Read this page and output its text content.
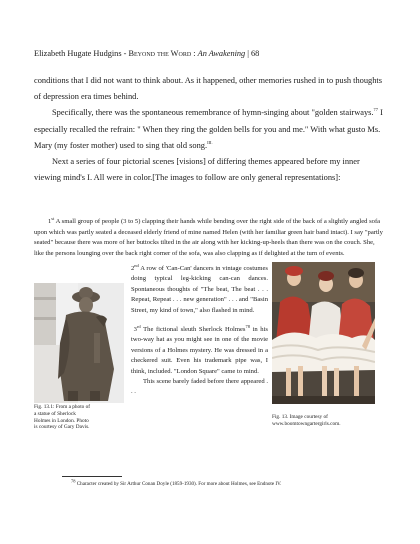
Elizabeth Hugate Hudgins - Beyond the Word : An Awakening | 68

conditions that I did not want to think about. As it happened, other memories rushed in to push thoughts of depression era times behind.

Specifically, there was the spontaneous remembrance of hymn-singing about "golden stairways.$^{77}$ I especially recalled the refrain: " When they ring the golden bells for you and me." With what gusto Ms. Mary (my foster mother) used to sing that old song.$^{III.}$

Next a series of four pictorial scenes [visions] of differing themes appeared before my inner viewing mind's I. All were in color.[The images to follow are only general representations]:

1st A small group of people (3 to 5) clapping their hands while bending over the right side of the back of a slightly angled sofa upon which was partly seated a deceased elderly friend of mine named Helen (with her familiar green hair band intact). I say "partly seated" because there was more of her buttocks tilted in the air along with her kicking-up-heels than there was on the couch. She, like the persons lounging over the back right corner of the sofa, was also clapping as if delighted at the turn of events.

Fig. 13.1: From a photo of
a statue of Sherlock
Holmes in London. Photo
is courtesy of Gary Davis.

2nd A row of 'Can-Can' dancers in vintage costumes doing typical leg-kicking can-can dances. Spontaneous thoughts of "The beat, The beat . . . Repeat, Repeat . . . new generation" . . . and "Basin Street, my kind of town," also flashed in mind.

3rd The fictional sleuth Sherlock Holmes$^{78}$ in his two-way hat as you might see in one of the movie versions of a Holmes mystery. He was dressed in a checkered suit. Even his trademark pipe was, I think, included. "London Square" came to mind.

This scene barely faded before there appeared . . .

Fig. 13. Image courtesy of
www.boomtowngartergirls.com.
$^{78}$ Character created by Sir Arthur Conan Doyle (1859-1930). For more about Holmes, see Endnote IV.
